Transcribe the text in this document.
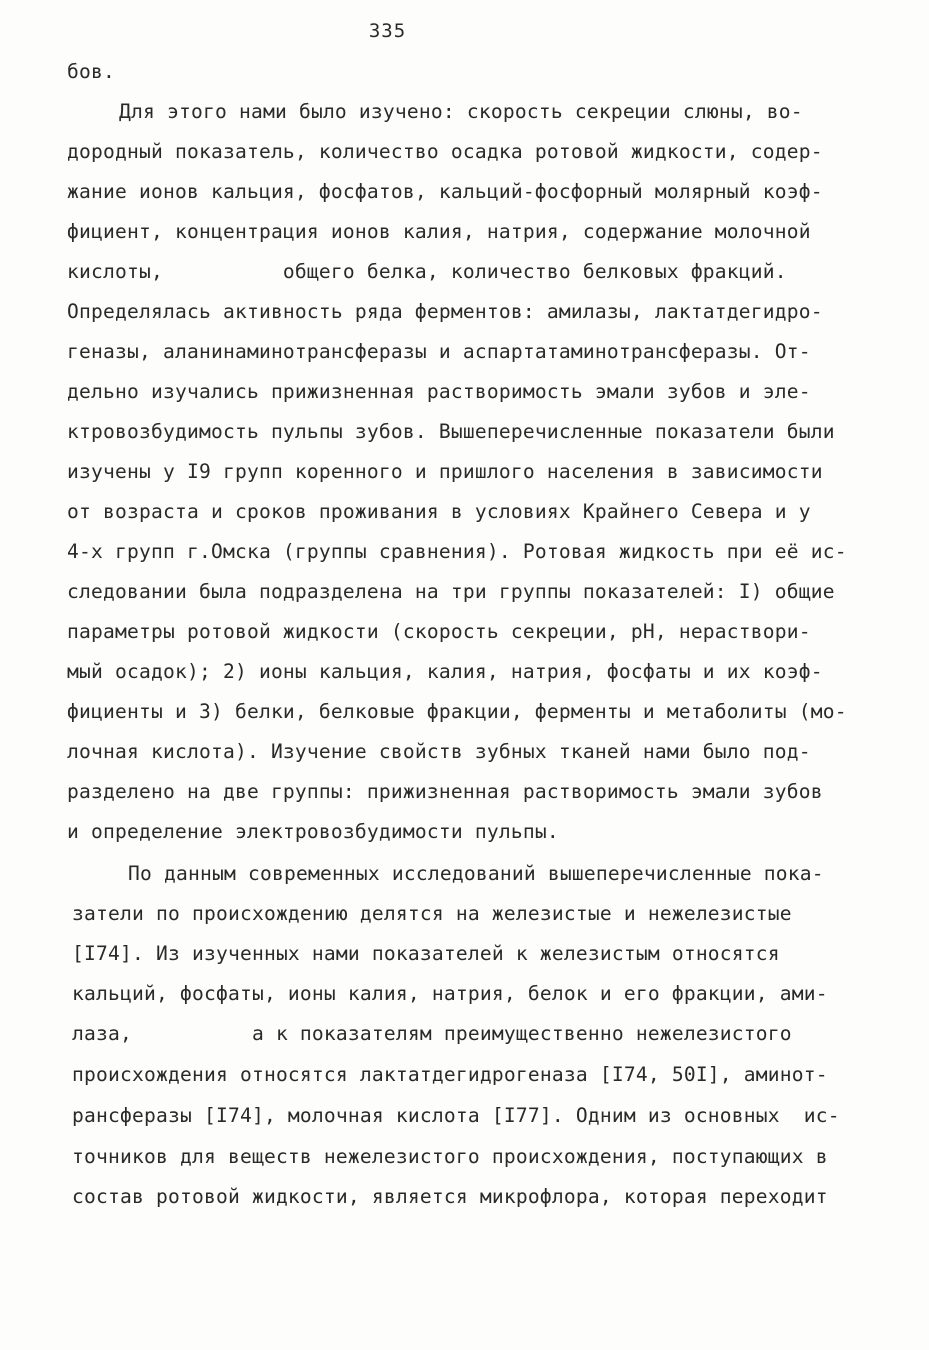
335
бов.
Для этого нами было изучено: скорость секреции слюны, во-
дородный показатель, количество осадка ротовой жидкости, содер-
жание ионов кальция, фосфатов, кальций-фосфорный молярный коэф-
фициент, концентрация ионов калия, натрия, содержание молочной
кислоты,          общего белка, количество белковых фракций.
Определялась активность ряда ферментов: амилазы, лактатдегидро-
геназы, аланинаминотрансферазы и аспартатаминотрансферазы. От-
дельно изучались прижизненная растворимость эмали зубов и эле-
ктровозбудимость пульпы зубов. Вышеперечисленные показатели были
изучены у I9 групп коренного и пришлого населения в зависимости
от возраста и сроков проживания в условиях Крайнего Севера и у
4-х групп г.Омска (группы сравнения). Ротовая жидкость при её ис-
следовании была подразделена на три группы показателей: I) общие
параметры ротовой жидкости (скорость секреции, рН, нераствори-
мый осадок); 2) ионы кальция, калия, натрия, фосфаты и их коэф-
фициенты и 3) белки, белковые фракции, ферменты и метаболиты (мо-
лочная кислота). Изучение свойств зубных тканей нами было под-
разделено на две группы: прижизненная растворимость эмали зубов
и определение электровозбудимости пульпы.
По данным современных исследований вышеперечисленные пока-
затели по происхождению делятся на железистые и нежелезистые
[I74]. Из изученных нами показателей к железистым относятся
кальций, фосфаты, ионы калия, натрия, белок и его фракции, ами-
лаза,          а к показателям преимущественно нежелезистого
происхождения относятся лактатдегидрогеназа [I74, 50I], аминот-
рансферазы [I74], молочная кислота [I77]. Одним из основных  ис-
точников для веществ нежелезистого происхождения, поступающих в
состав ротовой жидкости, является микрофлора, которая переходит
